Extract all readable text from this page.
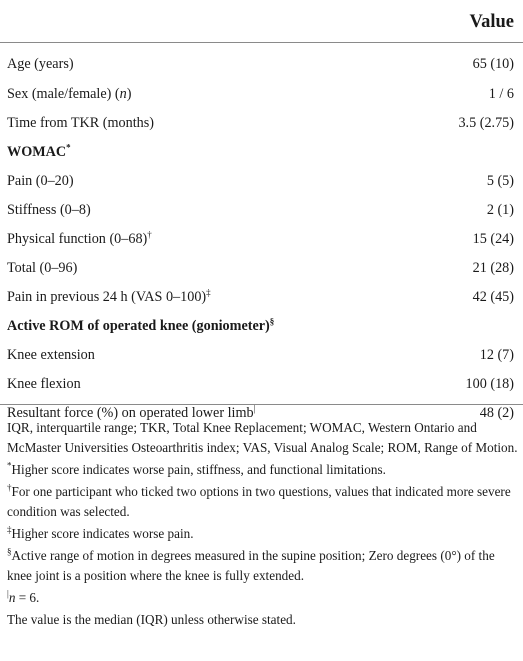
	Value

Age (years)	65 (10)
Sex (male/female) (n)	1 / 6
Time from TKR (months)	3.5 (2.75)
WOMAC*	
Pain (0–20)	5 (5)
Stiffness (0–8)	2 (1)
Physical function (0–68)†	15 (24)
Total (0–96)	21 (28)
Pain in previous 24 h (VAS 0–100)‡	42 (45)
Active ROM of operated knee (goniometer)§	
Knee extension	12 (7)
Knee flexion	100 (18)
Resultant force (%) on operated lower limb|	48 (2)

IQR, interquartile range; TKR, Total Knee Replacement; WOMAC, Western Ontario and McMaster Universities Osteoarthritis index; VAS, Visual Analog Scale; ROM, Range of Motion.

*Higher score indicates worse pain, stiffness, and functional limitations.

†For one participant who ticked two options in two questions, values that indicated more severe condition was selected.

‡Higher score indicates worse pain.

§Active range of motion in degrees measured in the supine position; Zero degrees (0°) of the knee joint is a position where the knee is fully extended.

|n = 6.

The value is the median (IQR) unless otherwise stated.
